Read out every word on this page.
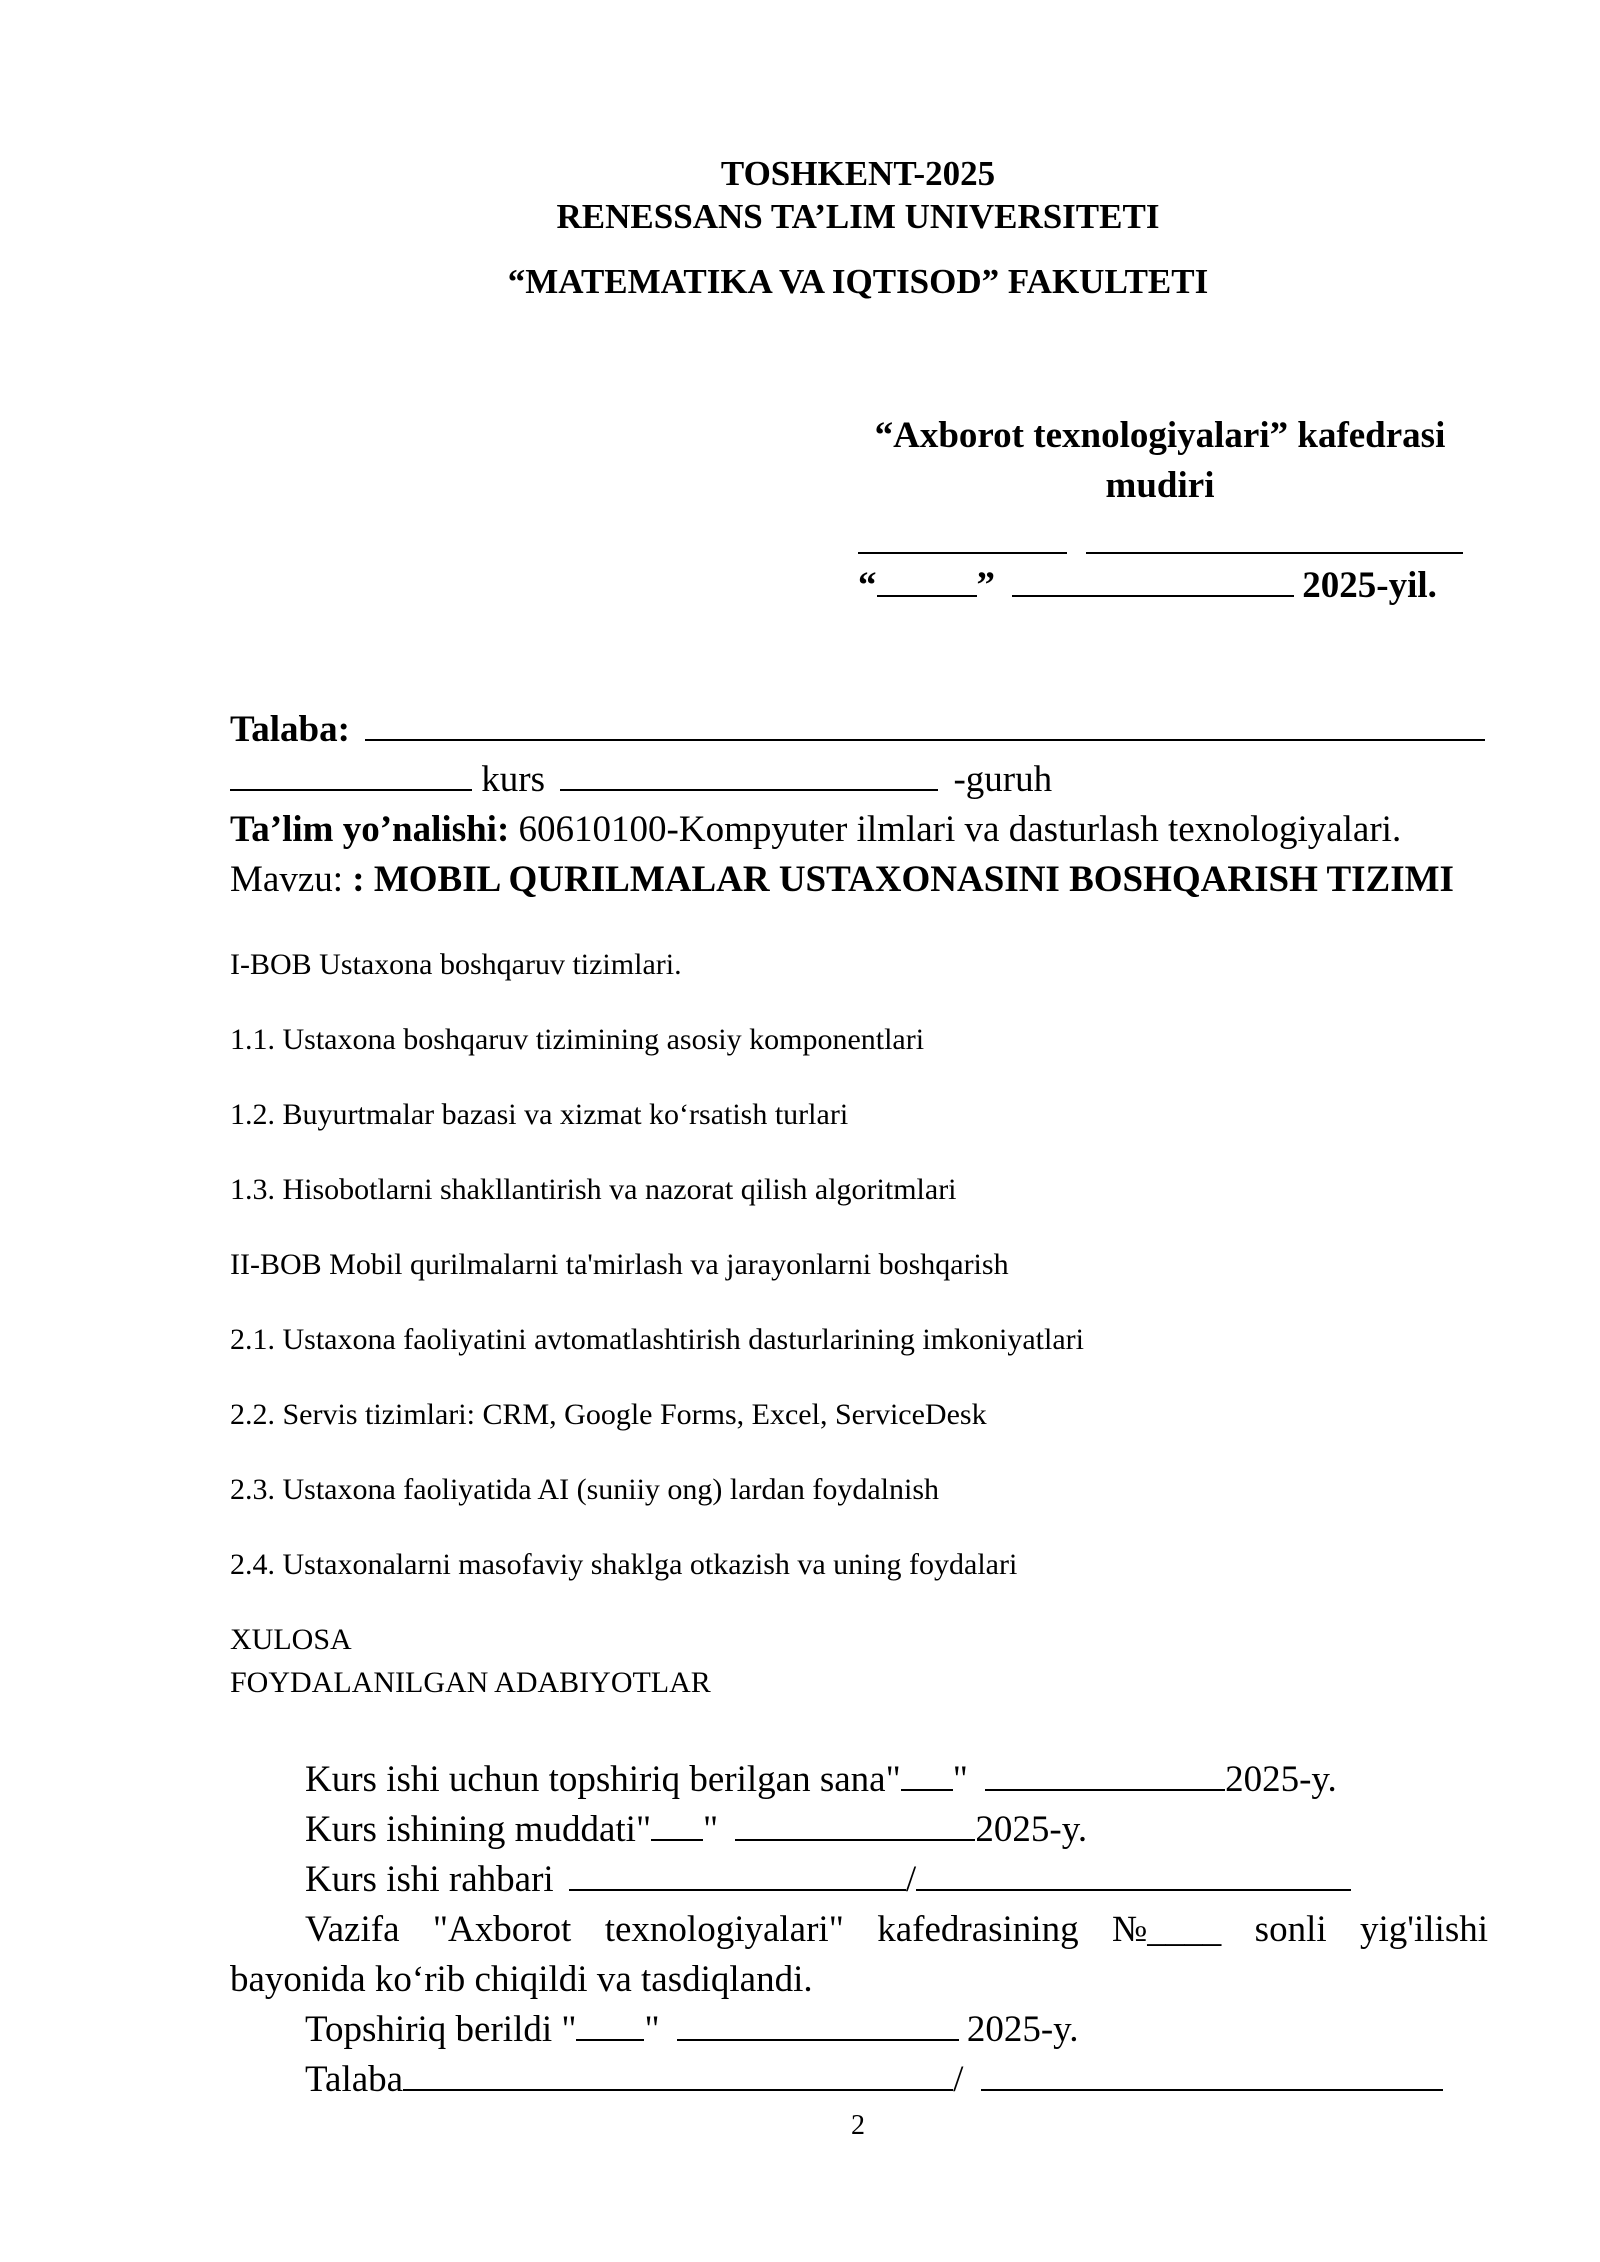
TOSHKENT-2025
RENESSANS TA’LIM UNIVERSITETI
“MATEMATIKA VA IQTISOD” FAKULTETI
“Axborot texnologiyalari” kafedrasi
mudiri
“	”	2025-yil.
Talaba:
kurs	-guruh
Ta’lim yo’nalishi: 60610100-Kompyuter ilmlari va dasturlash texnologiyalari.
Mavzu: : MOBIL QURILMALAR USTAXONASINI BOSHQARISH TIZIMI
I-BOB Ustaxona boshqaruv tizimlari.
1.1. Ustaxona boshqaruv tizimining asosiy komponentlari
1.2. Buyurtmalar bazasi va xizmat ko‘rsatish turlari
1.3. Hisobotlarni shakllantirish va nazorat qilish algoritmlari
II-BOB Mobil qurilmalarni ta'mirlash va jarayonlarni boshqarish
2.1. Ustaxona faoliyatini avtomatlashtirish dasturlarining imkoniyatlari
2.2. Servis tizimlari: CRM, Google Forms, Excel, ServiceDesk
2.3. Ustaxona faoliyatida AI (suniiy ong) lardan foydalnish
2.4. Ustaxonalarni masofaviy shaklga otkazish va uning foydalari
XULOSA
FOYDALANILGAN ADABIYOTLAR
Kurs ishi uchun topshiriq berilgan sana" "	2025-y.
Kurs ishining muddati" "	2025-y.
Kurs ishi rahbari	/
Vazifa "Axborot texnologiyalari" kafedrasining №____ sonli yig'ilishi
bayonida ko‘rib chiqildi va tasdiqlandi.
Topshiriq berildi " "	2025-y.
Talaba	/
2
